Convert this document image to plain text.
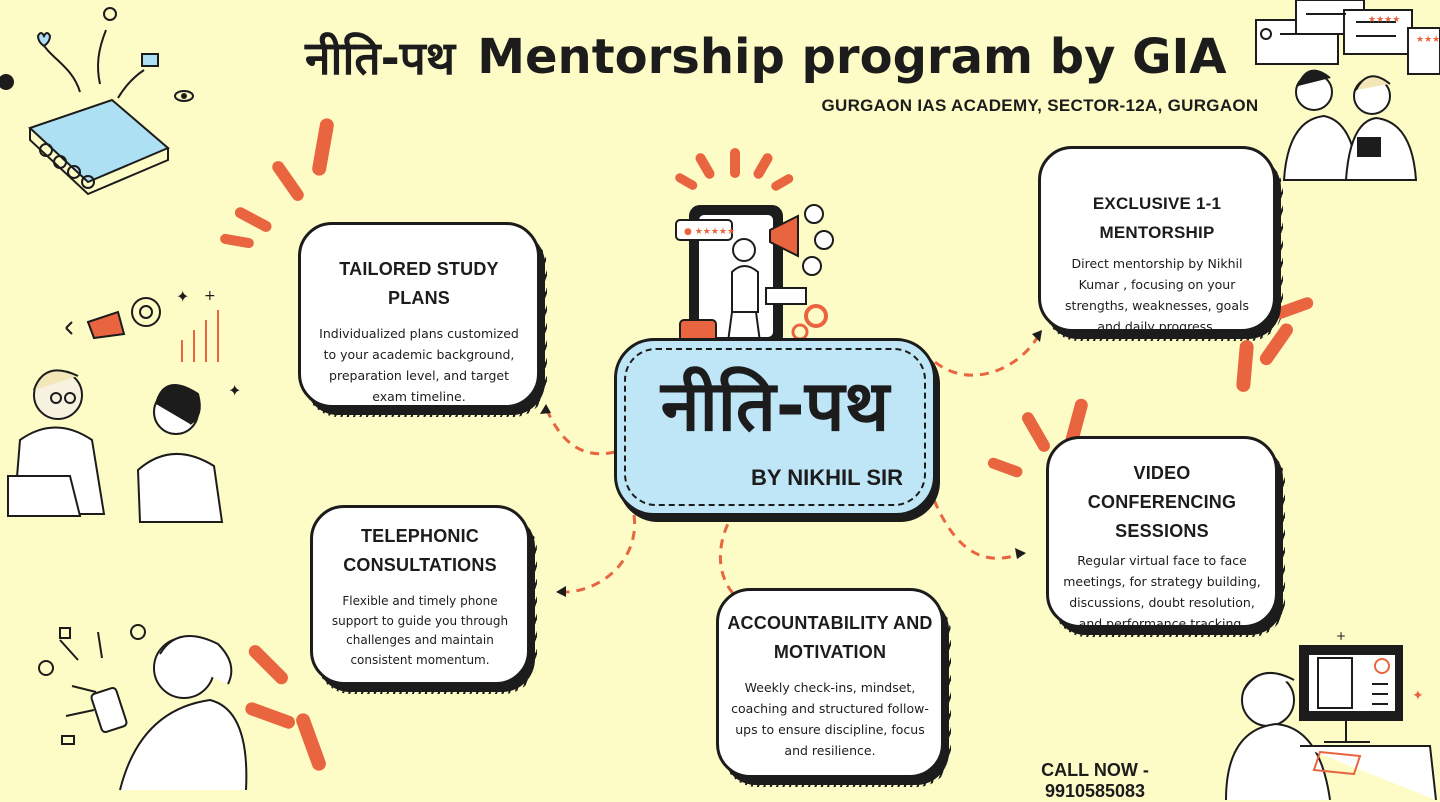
✦
✦
+
★★★★
★★★
✦
+
● ★★★★★
नीति-पथ Mentorship program by GIA
GURGAON IAS ACADEMY, SECTOR-12A, GURGAON
नीति-पथ
BY NIKHIL SIR
TAILORED STUDY PLANS

Individualized plans customized to your academic background, preparation level, and target exam timeline.

EXCLUSIVE 1-1 MENTORSHIP

Direct mentorship by Nikhil Kumar , focusing on your strengths, weaknesses, goals and daily progress.

VIDEO CONFERENCING
SESSIONS

Regular virtual face to face meetings, for strategy building, discussions, doubt resolution, and performance tracking.

TELEPHONIC
CONSULTATIONS

Flexible and timely phone support to guide you through challenges and maintain consistent momentum.

ACCOUNTABILITY AND
MOTIVATION

Weekly check-ins, mindset, coaching and structured follow-ups to ensure discipline, focus and resilience.

CALL NOW - 9910585083
